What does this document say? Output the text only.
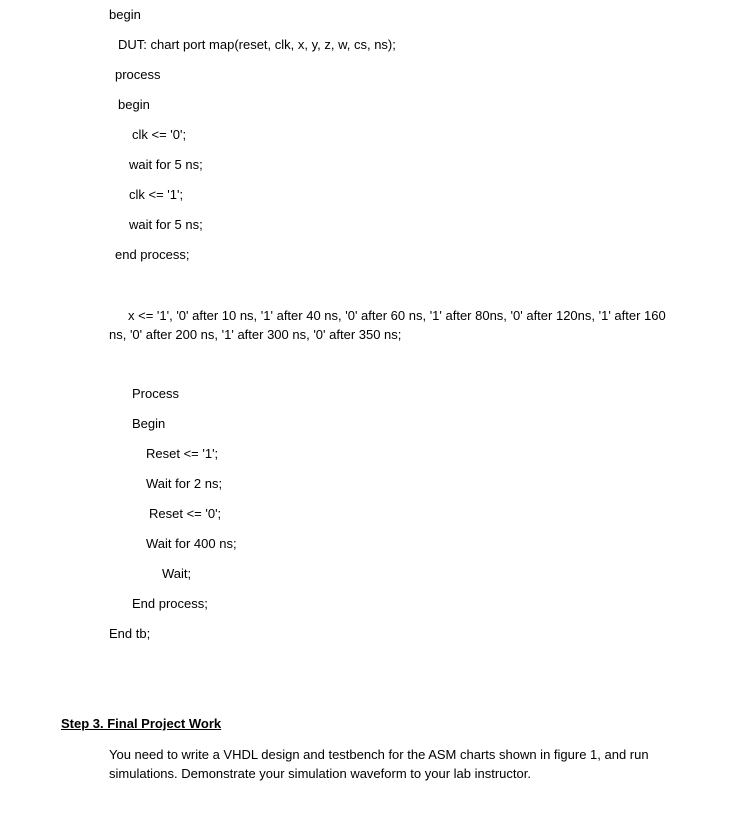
begin
DUT: chart port map(reset, clk, x, y, z, w, cs, ns);
process
begin
clk <= '0';
wait for 5 ns;
clk <= '1';
wait for 5 ns;
end process;
x <= '1', '0' after 10 ns, '1' after 40 ns, '0' after 60 ns, '1' after 80ns, '0' after 120ns, '1' after 160 ns, '0' after 200 ns, '1' after 300 ns, '0' after 350 ns;
Process
Begin
Reset <= '1';
Wait for 2 ns;
Reset <= '0';
Wait for 400 ns;
Wait;
End process;
End tb;
Step 3. Final Project Work
You need to write a VHDL design and testbench for the ASM charts shown in figure 1, and run simulations. Demonstrate your simulation waveform to your lab instructor.
